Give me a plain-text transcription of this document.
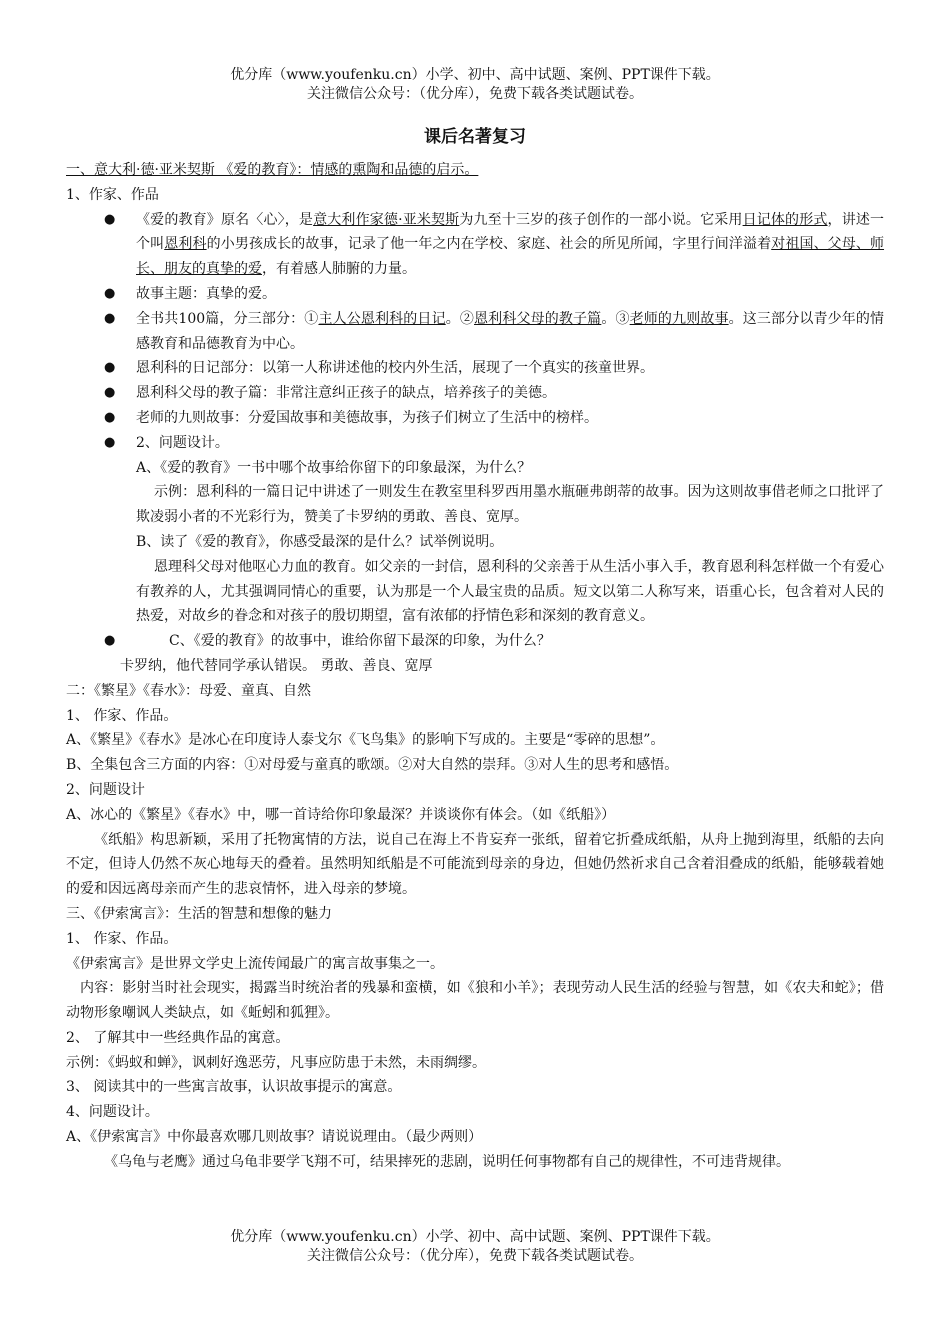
优分库（www.youfenku.cn）小学、初中、高中试题、案例、PPT课件下载。
关注微信公众号：（优分库），免费下载各类试题试卷。
课后名著复习
一、意大利·德·亚米契斯 《爱的教育》：情感的熏陶和品德的启示。
1、作家、作品
● 《爱的教育》原名〈心〉，是意大利作家德·亚米契斯为九至十三岁的孩子创作的一部小说。它采用日记体的形式，讲述一个叫恩利科的小男孩成长的故事，记录了他一年之内在学校、家庭、社会的所见所闻，字里行间洋溢着对祖国、父母、师长、朋友的真挚的爱，有着感人肺腑的力量。
● 故事主题：真挚的爱。
● 全书共100篇，分三部分：①主人公恩利科的日记。②恩利科父母的教子篇。③老师的九则故事。这三部分以青少年的情感教育和品德教育为中心。
● 恩利科的日记部分：以第一人称讲述他的校内外生活，展现了一个真实的孩童世界。
● 恩利科父母的教子篇：非常注意纠正孩子的缺点，培养孩子的美德。
● 老师的九则故事：分爱国故事和美德故事，为孩子们树立了生活中的榜样。
● 2、问题设计。
A、《爱的教育》一书中哪个故事给你留下的印象最深，为什么？
示例：恩利科的一篇日记中讲述了一则发生在教室里科罗西用墨水瓶砸弗朗蒂的故事。因为这则故事借老师之口批评了欺凌弱小者的不光彩行为，赞美了卡罗纳的勇敢、善良、宽厚。
B、读了《爱的教育》，你感受最深的是什么？试举例说明。
恩理科父母对他呕心力血的教育。如父亲的一封信，恩利科的父亲善于从生活小事入手，教育恩利科怎样做一个有爱心有教养的人，尤其强调同情心的重要，认为那是一个人最宝贵的品质。短文以第二人称写来，语重心长，包含着对人民的热爱，对故乡的眷念和对孩子的殷切期望，富有浓郁的抒情色彩和深刻的教育意义。
● C、《爱的教育》的故事中，谁给你留下最深的印象，为什么？
卡罗纳，他代替同学承认错误。 勇敢、善良、宽厚
二：《繁星》《春水》：母爱、童真、自然
1、 作家、作品。
A、《繁星》《春水》是冰心在印度诗人泰戈尔《飞鸟集》的影响下写成的。主要是“零碎的思想”。
B、全集包含三方面的内容：①对母爱与童真的歌颂。②对大自然的崇拜。③对人生的思考和感悟。
2、问题设计
A、冰心的《繁星》《春水》中，哪一首诗给你印象最深？并谈谈你有体会。（如《纸船》）
《纸船》构思新颖，采用了托物寓情的方法，说自己在海上不肯妄弃一张纸，留着它折叠成纸船，从舟上抛到海里，纸船的去向不定，但诗人仍然不灰心地每天的叠着。虽然明知纸船是不可能流到母亲的身边，但她仍然祈求自己含着泪叠成的纸船，能够载着她的爱和因远离母亲而产生的悲哀情怀，进入母亲的梦境。
三、《伊索寓言》：生活的智慧和想像的魅力
1、 作家、作品。
《伊索寓言》是世界文学史上流传闻最广的寓言故事集之一。
内容：影射当时社会现实，揭露当时统治者的残暴和蛮横，如《狼和小羊》；表现劳动人民生活的经验与智慧，如《农夫和蛇》；借动物形象嘲讽人类缺点，如《蚯蚓和狐狸》。
2、 了解其中一些经典作品的寓意。
示例：《蚂蚁和蝉》，讽刺好逸恶劳，凡事应防患于未然，未雨绸缪。
3、 阅读其中的一些寓言故事，认识故事提示的寓意。
4、问题设计。
A、《伊索寓言》中你最喜欢哪几则故事？请说说理由。（最少两则）
《乌龟与老鹰》通过乌龟非要学飞翔不可，结果摔死的悲剧，说明任何事物都有自己的规律性，不可违背规律。
优分库（www.youfenku.cn）小学、初中、高中试题、案例、PPT课件下载。
关注微信公众号：（优分库），免费下载各类试题试卷。
